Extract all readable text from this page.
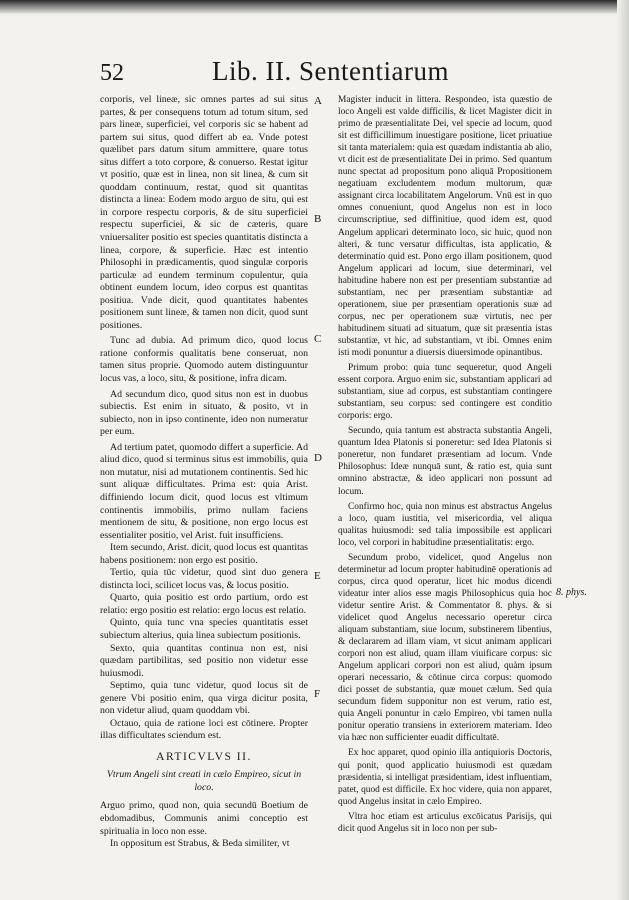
52	Lib. II. Sententiarum

corporis, vel lineæ, sic omnes partes ad sui situs partes, & per consequens totum ad totum situm, sed pars lineæ, superficiei, vel corporis sic se habent ad partem sui situs, quod differt ab ea. Vnde potest quælibet pars datum situm ammittere, quare totus situs differt a toto corpore, & conuerso. Restat igitur vt positio, quæ est in linea, non sit linea, & cum sit quoddam continuum, restat, quod sit quantitas distincta a linea: Eodem modo arguo de situ, qui est in corpore respectu corporis, & de situ superficiei respectu superficiei, & sic de cæteris, quare vniuersaliter positio est species quantitatis distincta a linea, corpore, & superficie. Hæc est intentio Philosophi in prædicamentis, quod singulæ corporis particulæ ad eundem terminum copulentur, quia obtinent eundem locum, ideo corpus est quantitas positiua. Vnde dicit, quod quantitates habentes positionem sunt lineæ, & tamen non dicit, quod sunt positiones.

Tunc ad dubia. Ad primum dico, quod locus ratione conformis qualitatis bene conseruat, non tamen situs proprie. Quomodo autem distinguuntur locus vas, a loco, situ, & positione, infra dicam.

Ad secundum dico, quod situs non est in duobus subiectis. Est enim in situato, & posito, vt in subiecto, non in ipso continente, ideo non numeratur per eum.

Ad tertium patet, quomodo differt a superficie. Ad aliud dico, quod si terminus situs est immobilis, quia non mutatur, nisi ad mutationem continentis. Sed hic sunt aliquæ difficultates. Prima est: quia Arist. diffiniendo locum dicit, quod locus est vltimum continentis immobilis, primo nullam faciens mentionem de situ, & positione, non ergo locus est essentialiter positio, vel Arist. fuit insufficiens.

Item secundo, Arist. dicit, quod locus est quantitas habens positionem: non ergo est positio.

Tertio, quia tūc videtur, quod sint duo genera distincta loci, scilicet locus vas, & locus positio.

Quarto, quia positio est ordo partium, ordo est relatio: ergo positio est relatio: ergo locus est relatio.

Quinto, quia tunc vna species quantitatis esset subiectum alterius, quia linea subiectum positionis.

Sexto, quia quantitas continua non est, nisi quædam partibilitas, sed positio non videtur esse huiusmodi.

Septimo, quia tunc videtur, quod locus sit de genere Vbi positio enim, qua virga dicitur posita, non videtur aliud, quam quoddam vbi.

Octauo, quia de ratione loci est cōtinere. Propter illas difficultates sciendum est.

ARTICVLVS II.
Vtrum Angeli sint creati in cælo Empireo, sicut in loco.

Arguo primo, quod non, quia secundū Boetium de ebdomadibus, Communis animi conceptio est spiritualia in loco non esse.

In oppositum est Strabus, & Beda similiter, vt

A
B
C
D
E
F

Magister inducit in littera. Respondeo, ista quæstio de loco Angeli est valde difficilis, & licet Magister dicit in primo de præsentialitate Dei, vel specie ad locum, quod sit est difficillimum inuestigare positione, licet priuatiue sit tanta materialem: quia est quædam indistantia ab alio, vt dicit est de præsentialitate Dei in primo. Sed quantum nunc spectat ad propositum pono aliquā Propositionem negatiuam excludentem modum multorum, quæ assignant circa locabilitatem Angelorum. Vnū est in quo omnes conueniunt, quod Angelus non est in loco circumscriptiue, sed diffinitiue, quod idem est, quod Angelum applicari determinato loco, sic huic, quod non alteri, & tunc versatur difficultas, ista applicatio, & determinatio quid est. Pono ergo illam positionem, quod Angelum applicari ad locum, siue determinari, vel habitudine habere non est per presentiam substantiæ ad substantiam, nec per præsentiam substantiæ ad operationem, siue per præsentiam operationis suæ ad corpus, nec per operationem suæ virtutis, nec per habitudinem situati ad situatum, quæ sit præsentia istas substantiæ, vt hic, ad substantiam, vt ibi. Omnes enim isti modi ponuntur a diuersis diuersimode opinantibus.

Primum probo: quia tunc sequeretur, quod Angeli essent corpora. Arguo enim sic, substantiam applicari ad substantiam, siue ad corpus, est substantiam contingere substantiam, seu corpus: sed contingere est conditio corporis: ergo.

Secundo, quia tantum est abstracta substantia Angeli, quantum Idea Platonis si poneretur: sed Idea Platonis si poneretur, non fundaret præsentiam ad locum. Vnde Philosophus: Ideæ nunquā sunt, & ratio est, quia sunt omnino abstractæ, & ideo applicari non possunt ad locum.

Confirmo hoc, quia non minus est abstractus Angelus a loco, quam iustitia, vel misericordia, vel aliqua qualitas huiusmodi: sed talia impossibile est applicari loco, vel corpori in habitudine præsentialitatis: ergo.

Secundum probo, videlicet, quod Angelus non determinetur ad locum propter habitudinē operationis ad corpus, circa quod operatur, licet hic modus dicendi videatur inter alios esse magis Philosophicus quia hoc videtur sentire Arist. & Commentator 8. phys. & si videlicet quod Angelus necessario operetur circa aliquam substantiam, siue locum, substinerem libentius, & declararem ad illam viam, vt sicut animam applicari corpori non est aliud, quam illam viuificare corpus: sic Angelum applicari corpori non est aliud, quàm ipsum operari necessario, & cōtinue circa corpus: quomodo dici posset de substantia, quæ mouet cælum. Sed quia secundum fidem supponitur non est verum, ratio est, quia Angeli ponuntur in cælo Empireo, vbi tamen nulla ponitur operatio transiens in exteriorem materiam. Ideo via hæc non sufficienter euadit difficultatē.

Ex hoc apparet, quod opinio illa antiquioris Doctoris, qui ponit, quod applicatio huiusmodi est quædam præsidentia, si intelligat præsidentiam, idest influentiam, patet, quod est difficile. Ex hoc videre, quia non apparet, quod Angelus insitat in cælo Empireo.

Vltra hoc etiam est articulus excōicatus Parisijs, qui dicit quod Angelus sit in loco non per sub-

8. phys.
